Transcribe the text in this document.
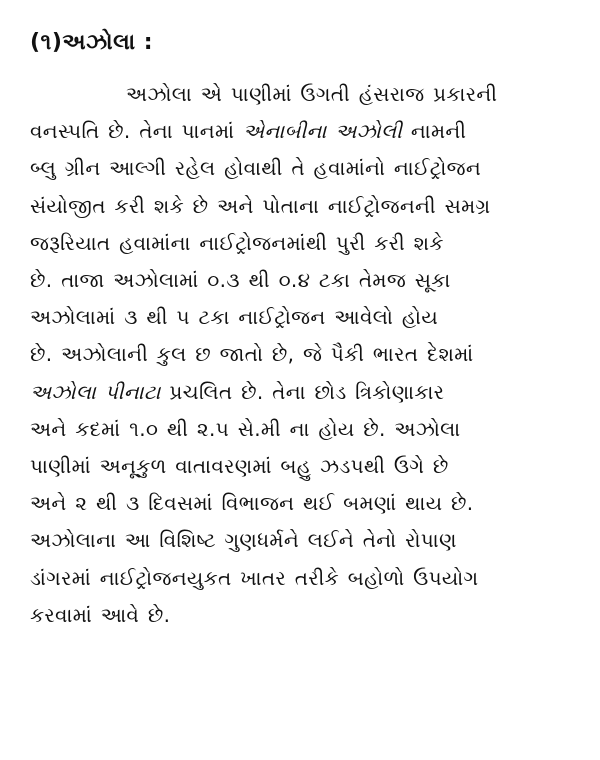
(૧)અઝોલા :
અઝોલા એ પાણીમાં ઉગતી હંસરાજ પ્રકારની
વનસ્પતિ છે. તેના પાનમાં એનાબીના અઝોલી નામની
બ્લુ ગ્રીન આલ્ગી રહેલ હોવાથી તે હવામાંનો નાઈટ્રોજન
સંયોજીત કરી શકે છે અને પોતાના નાઈટ્રોજનની સમગ્ર
જરૂરિયાત હવામાંના નાઈટ્રોજનમાંથી પુરી કરી શકે
છે. તાજા અઝોલામાં ૦.૩ થી ૦.૪ ટકા તેમજ સૂકા
અઝોલામાં ૩ થી ૫ ટકા નાઈટ્રોજન આવેલો હોય
છે. અઝોલાની કુલ છ જાતો છે, જે પૈકી ભારત દેશમાં
અઝોલા પીનાટા પ્રચલિત છે. તેના છોડ ત્રિકોણાકાર
અને કદમાં ૧.૦ થી ૨.૫ સે.મી ના હોય છે. અઝોલા
પાણીમાં અનૂકુળ વાતાવરણમાં બહુ ઝડપથી ઉગે છે
અને ૨ થી ૩ દિવસમાં વિભાજન થઈ બમણાં થાય છે.
અઝોલાના આ વિશિષ્ટ ગુણધર્મને લઈને તેનો રોપાણ
ડાંગરમાં નાઈટ્રોજનયુકત ખાતર તરીકે બહોળો ઉપયોગ
કરવામાં આવે છે.
